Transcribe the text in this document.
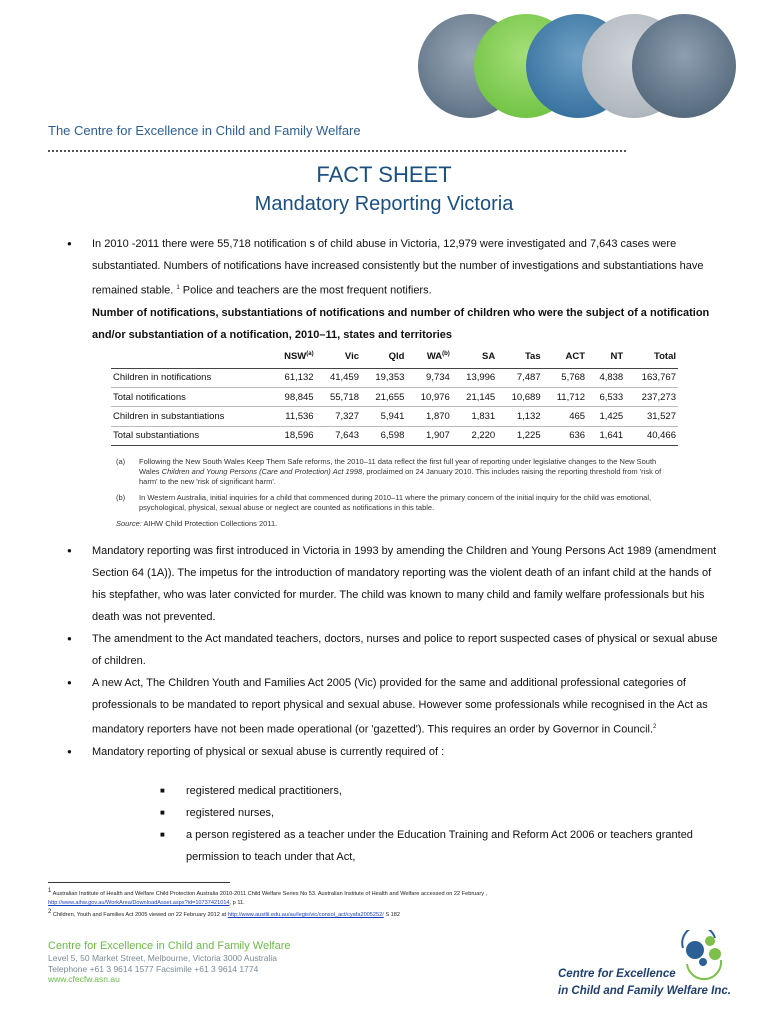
The Centre for Excellence in Child and Family Welfare
FACT SHEET
Mandatory Reporting Victoria
● In 2010 -2011 there were 55,718 notification s of child abuse in Victoria, 12,979 were investigated and 7,643 cases were substantiated. Numbers of notifications have increased consistently but the number of investigations and substantiations have remained stable. $^1$ Police and teachers are the most frequent notifiers.
Number of notifications, substantiations of notifications and number of children who were the subject of a notification and/or substantiation of a notification, 2010–11, states and territories
	NSW$^{(a)}$	Vic	Qld	WA$^{(b)}$	SA	Tas	ACT	NT	Total
Children in notifications	61,132	41,459	19,353	9,734	13,996	7,487	5,768	4,838	163,767
Total notifications	98,845	55,718	21,655	10,976	21,145	10,689	11,712	6,533	237,273
Children in substantiations	11,536	7,327	5,941	1,870	1,831	1,132	465	1,425	31,527
Total substantiations	18,596	7,643	6,598	1,907	2,220	1,225	636	1,641	40,466
(a)	Following the New South Wales Keep Them Safe reforms, the 2010–11 data reflect the first full year of reporting under legislative changes to the New South Wales Children and Young Persons (Care and Protection) Act 1998, proclaimed on 24 January 2010. This includes raising the reporting threshold from 'risk of harm' to the new 'risk of significant harm'.
(b)	In Western Australia, initial inquiries for a child that commenced during 2010–11 where the primary concern of the initial inquiry for the child was emotional, psychological, physical, sexual abuse or neglect are counted as notifications in this table.
Source: AIHW Child Protection Collections 2011.
● Mandatory reporting was first introduced in Victoria in 1993 by amending the Children and Young Persons Act 1989 (amendment Section 64 (1A)). The impetus for the introduction of mandatory reporting was the violent death of an infant child at the hands of his stepfather, who was later convicted for murder. The child was known to many child and family welfare professionals but his death was not prevented.
● The amendment to the Act mandated teachers, doctors, nurses and police to report suspected cases of physical or sexual abuse of children.
● A new Act, The Children Youth and Families Act 2005 (Vic) provided for the same and additional professional categories of professionals to be mandated to report physical and sexual abuse. However some professionals while recognised in the Act as mandatory reporters have not been made operational (or 'gazetted'). This requires an order by Governor in Council.$^2$
● Mandatory reporting of physical or sexual abuse is currently required of :
■ registered medical practitioners,
■ registered nurses,
■ a person registered as a teacher under the Education Training and Reform Act 2006 or teachers granted permission to teach under that Act,
$^1$ Australian Institute of Health and Welfare Child Protection Australia 2010-2011 Child Welfare Series No 53. Australian Institute of Health and Welfare accessed on 22 February ,
http://www.aihw.gov.au/WorkArea/DownloadAsset.aspx?id=10737421014, p 11.
$^2$ Children, Youth and Families Act 2005 viewed on 22 February 2012 at http://www.austlii.edu.au/au/legis/vic/consol_act/cyafa2005252/ S 182
Centre for Excellence in Child and Family Welfare
Level 5, 50 Market Street, Melbourne, Victoria 3000 Australia
Telephone +61 3 9614 1577 Facsimile +61 3 9614 1774
www.cfecfw.asn.au	Centre for Excellence
in Child and Family Welfare Inc.
